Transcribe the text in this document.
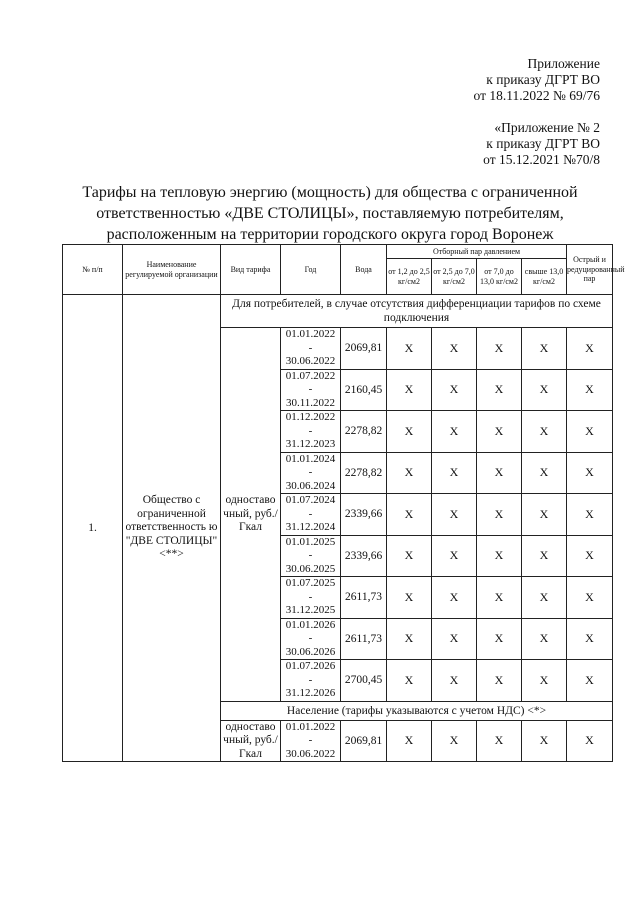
Приложение
к приказу ДГРТ ВО
от 18.11.2022 № 69/76
«Приложение № 2
к приказу ДГРТ ВО
от 15.12.2021 №70/8
Тарифы на тепловую энергию (мощность) для общества с ограниченной
ответственностью «ДВЕ СТОЛИЦЫ», поставляемую потребителям,
расположенным на территории городского округа город Воронеж
№ п/п	Наименование регулируемой организации	Вид тарифа	Год	Вода	Отборный пар давлением				Острый и редуцированный пар
					от 1,2 до 2,5 кг/см2	от 2,5 до 7,0 кг/см2	от 7,0 до 13,0 кг/см2	свыше 13,0 кг/см2	
1.	Общество с ограниченной ответственность ю "ДВЕ СТОЛИЦЫ" <**>	Для потребителей, в случае отсутствия дифференциации тарифов по схеме подключения							
		одноставо чный, руб./Гкал	01.01.2022
-
30.06.2022	2069,81	Х	Х	Х	Х	Х

			01.07.2022
-
30.11.2022	2160,45	Х	Х	Х	Х	Х

			01.12.2022
-
31.12.2023	2278,82	Х	Х	Х	Х	Х

			01.01.2024
-
30.06.2024	2278,82	Х	Х	Х	Х	Х

			01.07.2024
-
31.12.2024	2339,66	Х	Х	Х	Х	Х

			01.01.2025
-
30.06.2025	2339,66	Х	Х	Х	Х	Х

			01.07.2025
-
31.12.2025	2611,73	Х	Х	Х	Х	Х

			01.01.2026
-
30.06.2026	2611,73	Х	Х	Х	Х	Х

			01.07.2026
-
31.12.2026	2700,45	Х	Х	Х	Х	Х
		Население (тарифы указываются с учетом НДС) <*>							
		одноставо чный, руб./Гкал	01.01.2022
-
30.06.2022	2069,81	Х	Х	Х	Х	Х
